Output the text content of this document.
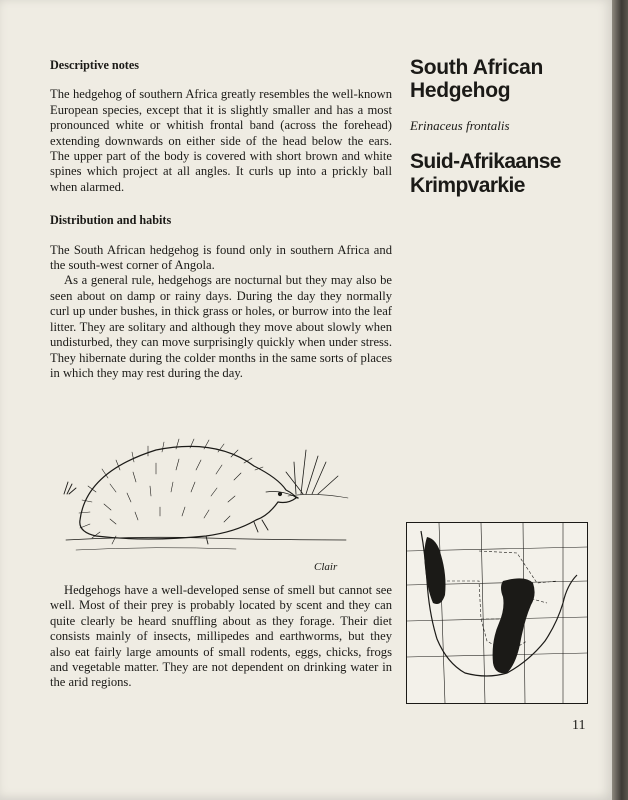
Descriptive notes

The hedgehog of southern Africa greatly resembles the well-known European species, except that it is slightly smaller and has a most pronounced white or whitish frontal band (across the forehead) extending downwards on either side of the head below the ears. The upper part of the body is covered with short brown and white spines which project at all angles. It curls up into a prickly ball when alarmed.

Distribution and habits

The South African hedgehog is found only in southern Africa and the south-west corner of Angola.

As a general rule, hedgehogs are nocturnal but they may also be seen about on damp or rainy days. During the day they normally curl up under bushes, in thick grass or holes, or burrow into the leaf litter. They are solitary and although they move about slowly when undisturbed, they can move surprisingly quickly when under stress. They hibernate during the colder months in the same sorts of places in which they may rest during the day.

Clair

Hedgehogs have a well-developed sense of smell but cannot see well. Most of their prey is probably located by scent and they can quite clearly be heard snuffling about as they forage. Their diet consists mainly of insects, millipedes and earthworms, but they also eat fairly large amounts of small rodents, eggs, chicks, frogs and vegetable matter. They are not dependent on drinking water in the arid regions.

South African Hedgehog

Erinaceus frontalis

Suid-Afrikaanse Krimpvarkie

11
